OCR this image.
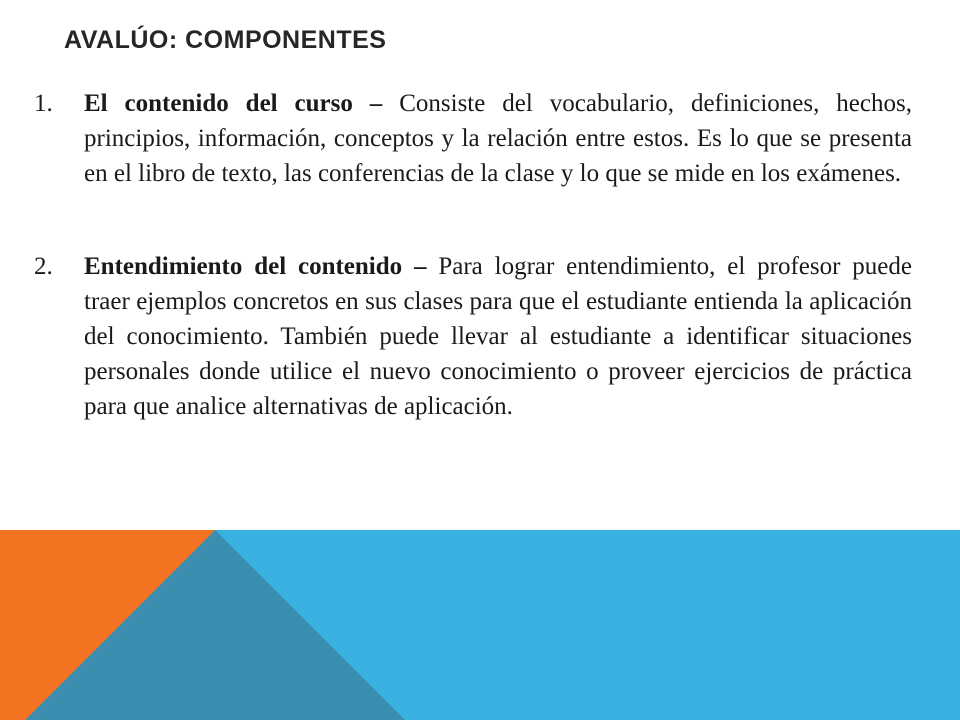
AVALÚO: COMPONENTES
1. El contenido del curso – Consiste del vocabulario, definiciones, hechos, principios, información, conceptos y la relación entre estos. Es lo que se presenta en el libro de texto, las conferencias de la clase y lo que se mide en los exámenes.
2. Entendimiento del contenido – Para lograr entendimiento, el profesor puede traer ejemplos concretos en sus clases para que el estudiante entienda la aplicación del conocimiento. También puede llevar al estudiante a identificar situaciones personales donde utilice el nuevo conocimiento o proveer ejercicios de práctica para que analice alternativas de aplicación.
